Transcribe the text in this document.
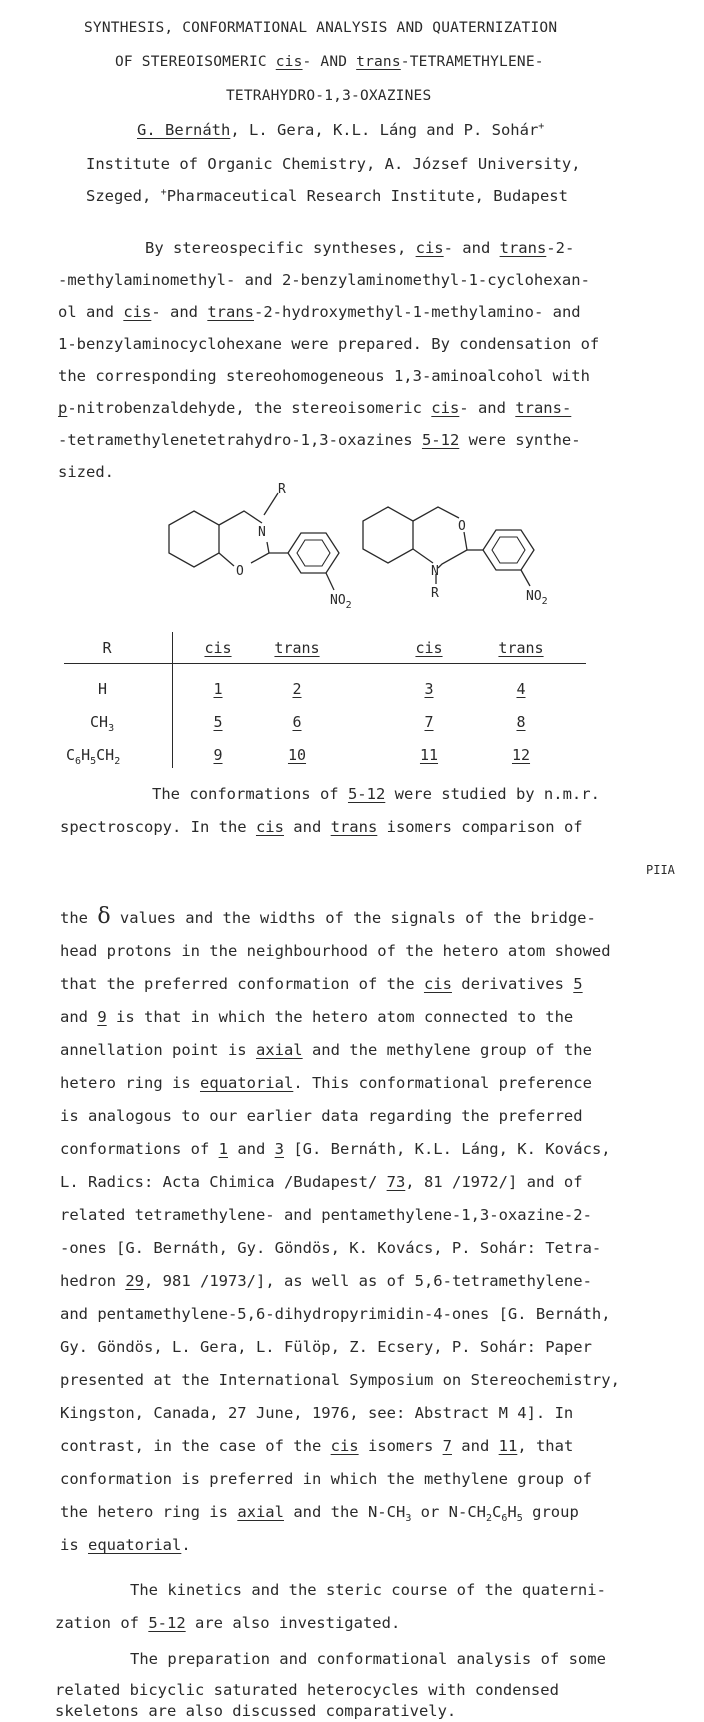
SYNTHESIS, CONFORMATIONAL ANALYSIS AND QUATERNIZATION
OF STEREOISOMERIC cis- AND trans-TETRAMETHYLENE-
TETRAHYDRO-1,3-OXAZINES
G. Bernáth, L. Gera, K.L. Láng and P. Sohár+
Institute of Organic Chemistry, A. József University,
Szeged, +Pharmaceutical Research Institute, Budapest
By stereospecific syntheses, cis- and trans-2-
-methylaminomethyl- and 2-benzylaminomethyl-1-cyclohexan-
ol and cis- and trans-2-hydroxymethyl-1-methylamino- and
1-benzylaminocyclohexane were prepared. By condensation of
the corresponding stereohomogeneous 1,3-aminoalcohol with
p-nitrobenzaldehyde, the stereoisomeric cis- and trans-
-tetramethylenetetrahydro-1,3-oxazines 5-12 were synthe-
sized.
N
O
R
$NO_2$
O
N
R	$NO_2$
R	cis	trans	cis	trans
H	1	2	3	4
$CH_3$	5	6	7	8
$C_6H_5CH_2$	9	10	11	12
The conformations of 5-12 were studied by n.m.r.
spectroscopy. In the cis and trans isomers comparison of
PIIA
the δ values and the widths of the signals of the bridge-
head protons in the neighbourhood of the hetero atom showed
that the preferred conformation of the cis derivatives 5
and 9 is that in which the hetero atom connected to the
annellation point is axial and the methylene group of the
hetero ring is equatorial. This conformational preference
is analogous to our earlier data regarding the preferred
conformations of 1 and 3 [G. Bernáth, K.L. Láng, K. Kovács,
L. Radics: Acta Chimica /Budapest/ 73, 81 /1972/] and of
related tetramethylene- and pentamethylene-1,3-oxazine-2-
-ones [G. Bernáth, Gy. Göndös, K. Kovács, P. Sohár: Tetra-
hedron 29, 981 /1973/], as well as of 5,6-tetramethylene-
and pentamethylene-5,6-dihydropyrimidin-4-ones [G. Bernáth,
Gy. Göndös, L. Gera, L. Fülöp, Z. Ecsery, P. Sohár: Paper
presented at the International Symposium on Stereochemistry,
Kingston, Canada, 27 June, 1976, see: Abstract M 4]. In
contrast, in the case of the cis isomers 7 and 11, that
conformation is preferred in which the methylene group of
the hetero ring is axial and the $N-CH_3$ or $N-CH_2C_6H_5$ group
is equatorial.
The kinetics and the steric course of the quaterni-
zation of 5-12 are also investigated.
The preparation and conformational analysis of some
related bicyclic saturated heterocycles with condensed
skeletons are also discussed comparatively.
